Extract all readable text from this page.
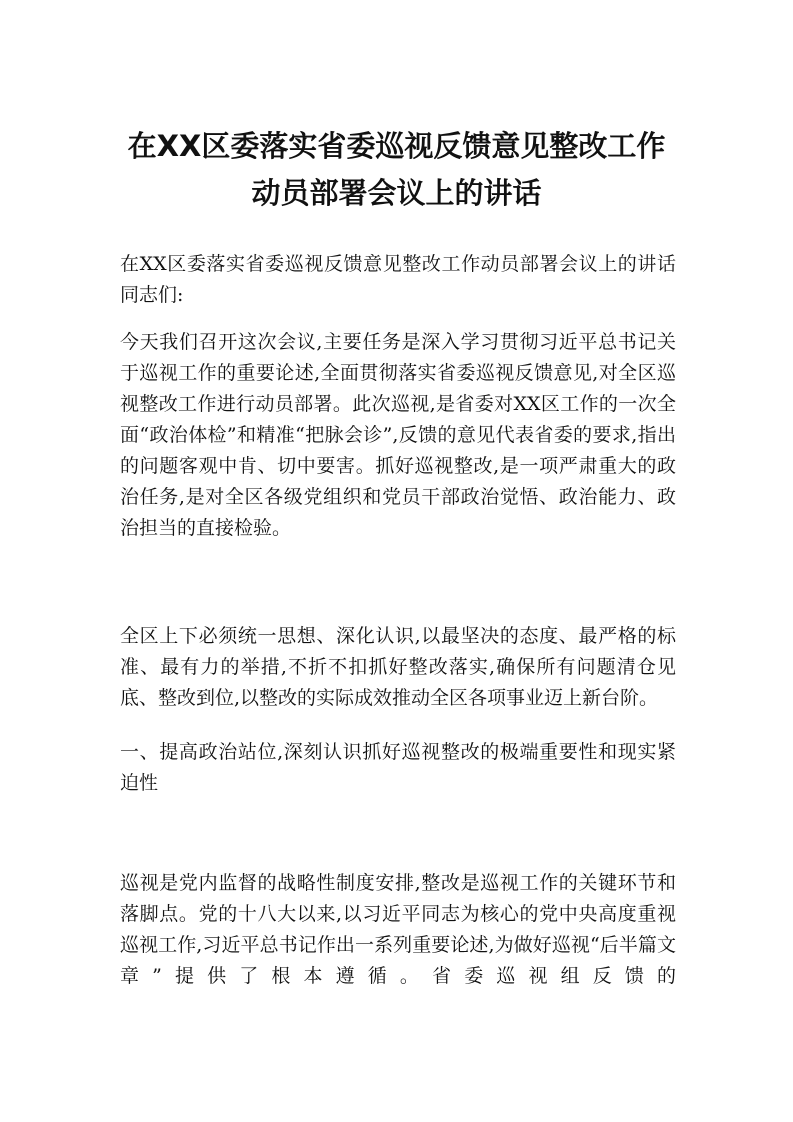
在XX区委落实省委巡视反馈意见整改工作
动员部署会议上的讲话
在XX区委落实省委巡视反馈意见整改工作动员部署会议上的讲话同志们:
今天我们召开这次会议,主要任务是深入学习贯彻习近平总书记关于巡视工作的重要论述,全面贯彻落实省委巡视反馈意见,对全区巡视整改工作进行动员部署。此次巡视,是省委对XX区工作的一次全面“政治体检”和精准“把脉会诊”,反馈的意见代表省委的要求,指出的问题客观中肯、切中要害。抓好巡视整改,是一项严肃重大的政治任务,是对全区各级党组织和党员干部政治觉悟、政治能力、政治担当的直接检验。
全区上下必须统一思想、深化认识,以最坚决的态度、最严格的标准、最有力的举措,不折不扣抓好整改落实,确保所有问题清仓见底、整改到位,以整改的实际成效推动全区各项事业迈上新台阶。
一、提高政治站位,深刻认识抓好巡视整改的极端重要性和现实紧迫性
巡视是党内监督的战略性制度安排,整改是巡视工作的关键环节和落脚点。党的十八大以来,以习近平同志为核心的党中央高度重视巡视工作,习近平总书记作出一系列重要论述,为做好巡视“后半篇文章”提供了根本遵循。省委巡视组反馈的
